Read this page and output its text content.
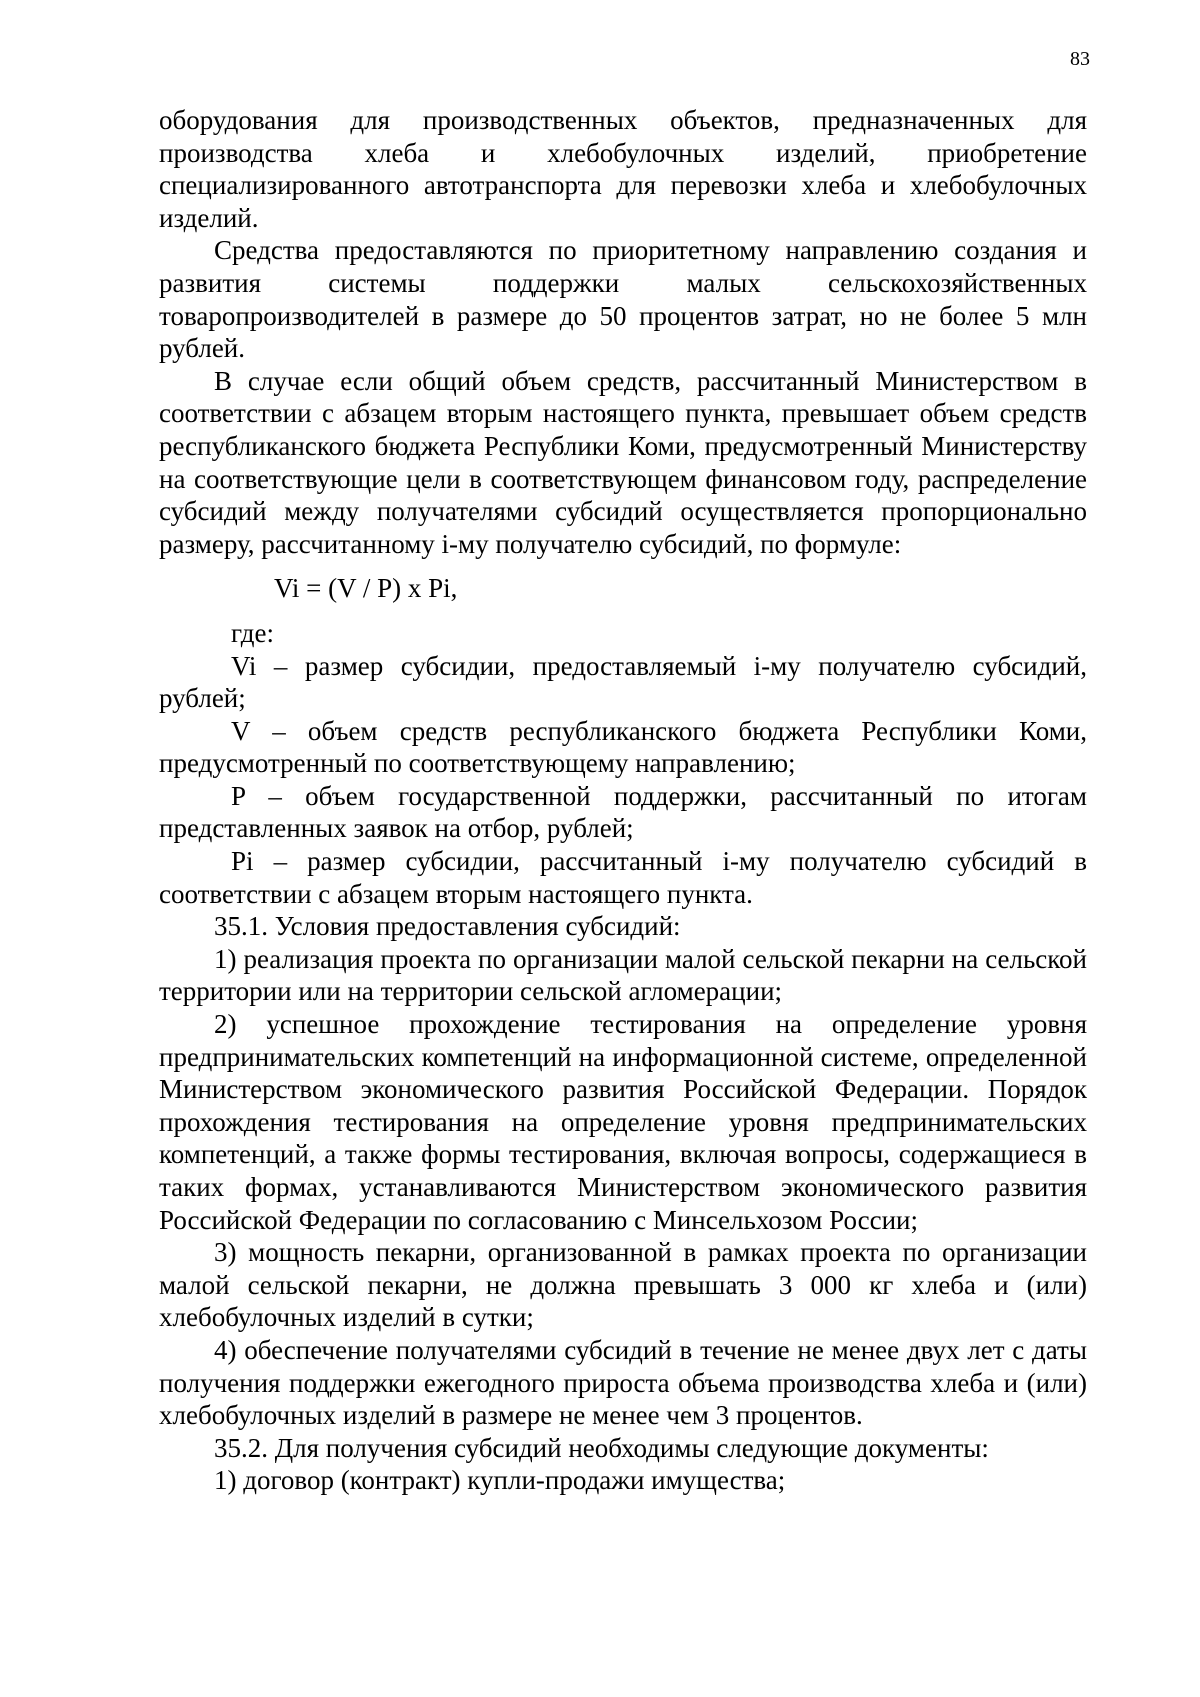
83

оборудования для производственных объектов, предназначенных для производства хлеба и хлебобулочных изделий, приобретение специализированного автотранспорта для перевозки хлеба и хлебобулочных изделий.

Средства предоставляются по приоритетному направлению создания и развития системы поддержки малых сельскохозяйственных товаропроизводителей в размере до 50 процентов затрат, но не более 5 млн рублей.

В случае если общий объем средств, рассчитанный Министерством в соответствии с абзацем вторым настоящего пункта, превышает объем средств республиканского бюджета Республики Коми, предусмотренный Министерству на соответствующие цели в соответствующем финансовом году, распределение субсидий между получателями субсидий осуществляется пропорционально размеру, рассчитанному i-му получателю субсидий, по формуле:

Vi = (V / P) x Pi,

где:

Vi – размер субсидии, предоставляемый i-му получателю субсидий, рублей;

V – объем средств республиканского бюджета Республики Коми, предусмотренный по соответствующему направлению;

P – объем государственной поддержки, рассчитанный по итогам представленных заявок на отбор, рублей;

Pi – размер субсидии, рассчитанный i-му получателю субсидий в соответствии с абзацем вторым настоящего пункта.

35.1. Условия предоставления субсидий:

1) реализация проекта по организации малой сельской пекарни на сельской территории или на территории сельской агломерации;

2) успешное прохождение тестирования на определение уровня предпринимательских компетенций на информационной системе, определенной Министерством экономического развития Российской Федерации. Порядок прохождения тестирования на определение уровня предпринимательских компетенций, а также формы тестирования, включая вопросы, содержащиеся в таких формах, устанавливаются Министерством экономического развития Российской Федерации по согласованию с Минсельхозом России;

3) мощность пекарни, организованной в рамках проекта по организации малой сельской пекарни, не должна превышать 3 000 кг хлеба и (или) хлебобулочных изделий в сутки;

4) обеспечение получателями субсидий в течение не менее двух лет с даты получения поддержки ежегодного прироста объема производства хлеба и (или) хлебобулочных изделий в размере не менее чем 3 процентов.

35.2. Для получения субсидий необходимы следующие документы:

1) договор (контракт) купли-продажи имущества;
